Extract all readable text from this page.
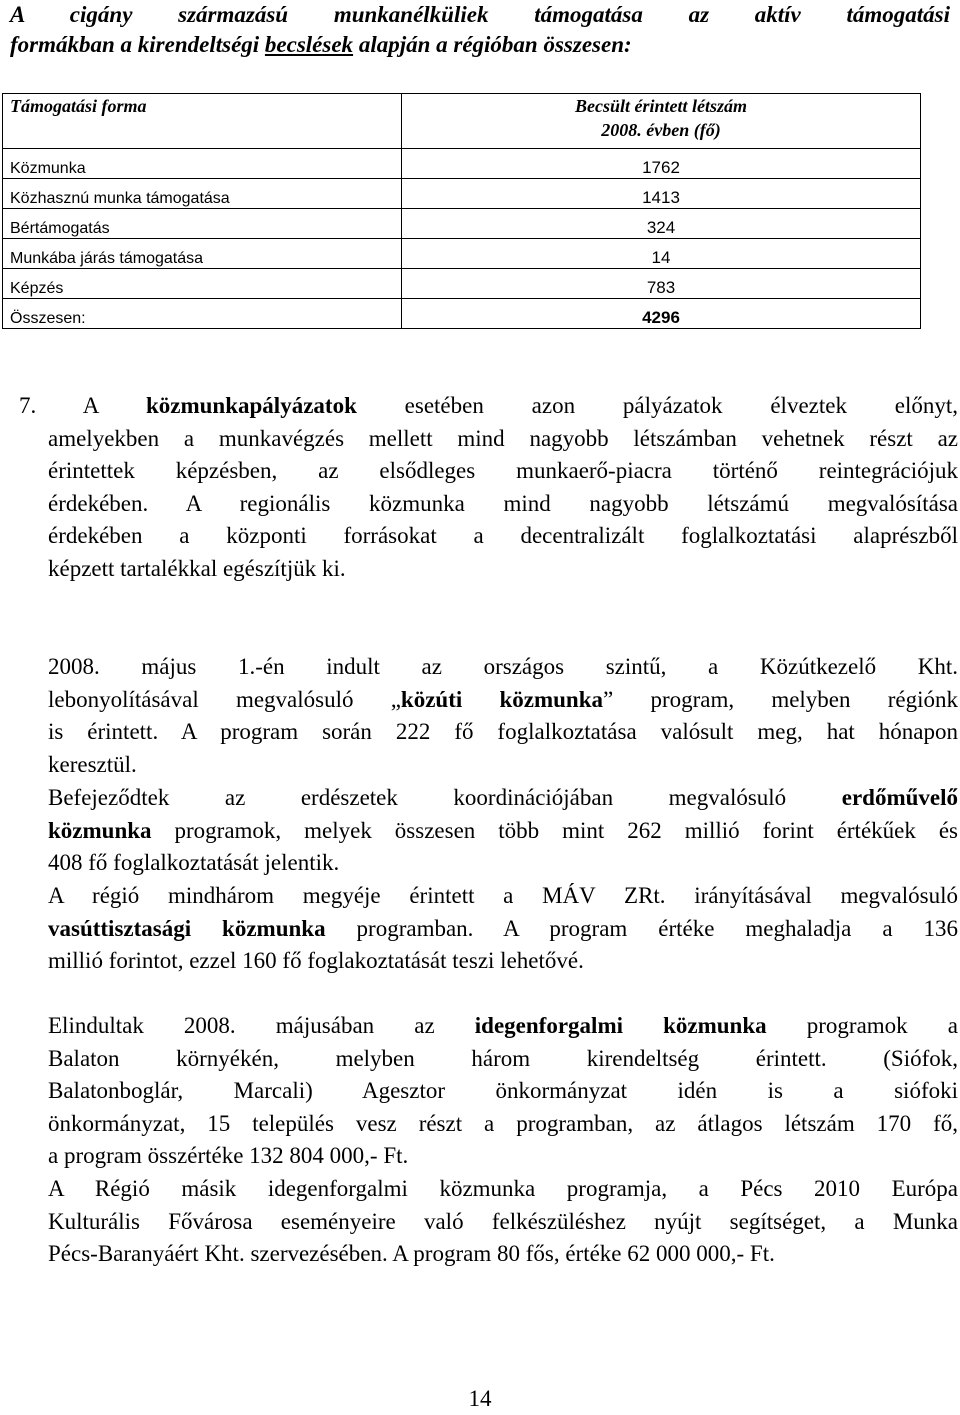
A cigány származású munkanélküliek támogatása az aktív támogatási
formákban a kirendeltségi becslések alapján a régióban összesen:
Támogatási forma	Becsült érintett létszám
2008. évben (fő)

Közmunka	1762
Közhasznú munka támogatása	1413
Bértámogatás	324
Munkába járás támogatása	14
Képzés	783
Összesen:	4296
7. A közmunkapályázatok esetében azon pályázatok élveztek előnyt,
amelyekben a munkavégzés mellett mind nagyobb létszámban vehetnek részt az
érintettek képzésben, az elsődleges munkaerő-piacra történő reintegrációjuk
érdekében. A regionális közmunka mind nagyobb létszámú megvalósítása
érdekében a központi forrásokat a decentralizált foglalkoztatási alaprészből
képzett tartalékkal egészítjük ki.
2008. május 1.-én indult az országos szintű, a Közútkezelő Kht.
lebonyolításával megvalósuló „közúti közmunka” program, melyben régiónk
is érintett. A program során 222 fő foglalkoztatása valósult meg, hat hónapon
keresztül.
Befejeződtek az erdészetek koordinációjában megvalósuló erdőművelő
közmunka programok, melyek összesen több mint 262 millió forint értékűek és
408 fő foglalkoztatását jelentik.
A régió mindhárom megyéje érintett a MÁV ZRt. irányításával megvalósuló
vasúttisztasági közmunka programban. A program értéke meghaladja a 136
millió forintot, ezzel 160 fő foglakoztatását teszi lehetővé.
Elindultak 2008. májusában az idegenforgalmi közmunka programok a
Balaton környékén, melyben három kirendeltség érintett. (Siófok,
Balatonboglár, Marcali) Agesztor önkormányzat idén is a siófoki
önkormányzat, 15 település vesz részt a programban, az átlagos létszám 170 fő,
a program összértéke 132 804 000,- Ft.
A Régió másik idegenforgalmi közmunka programja, a Pécs 2010 Európa
Kulturális Fővárosa eseményeire való felkészüléshez nyújt segítséget, a Munka
Pécs-Baranyáért Kht. szervezésében. A program 80 fős, értéke 62 000 000,- Ft.
14
